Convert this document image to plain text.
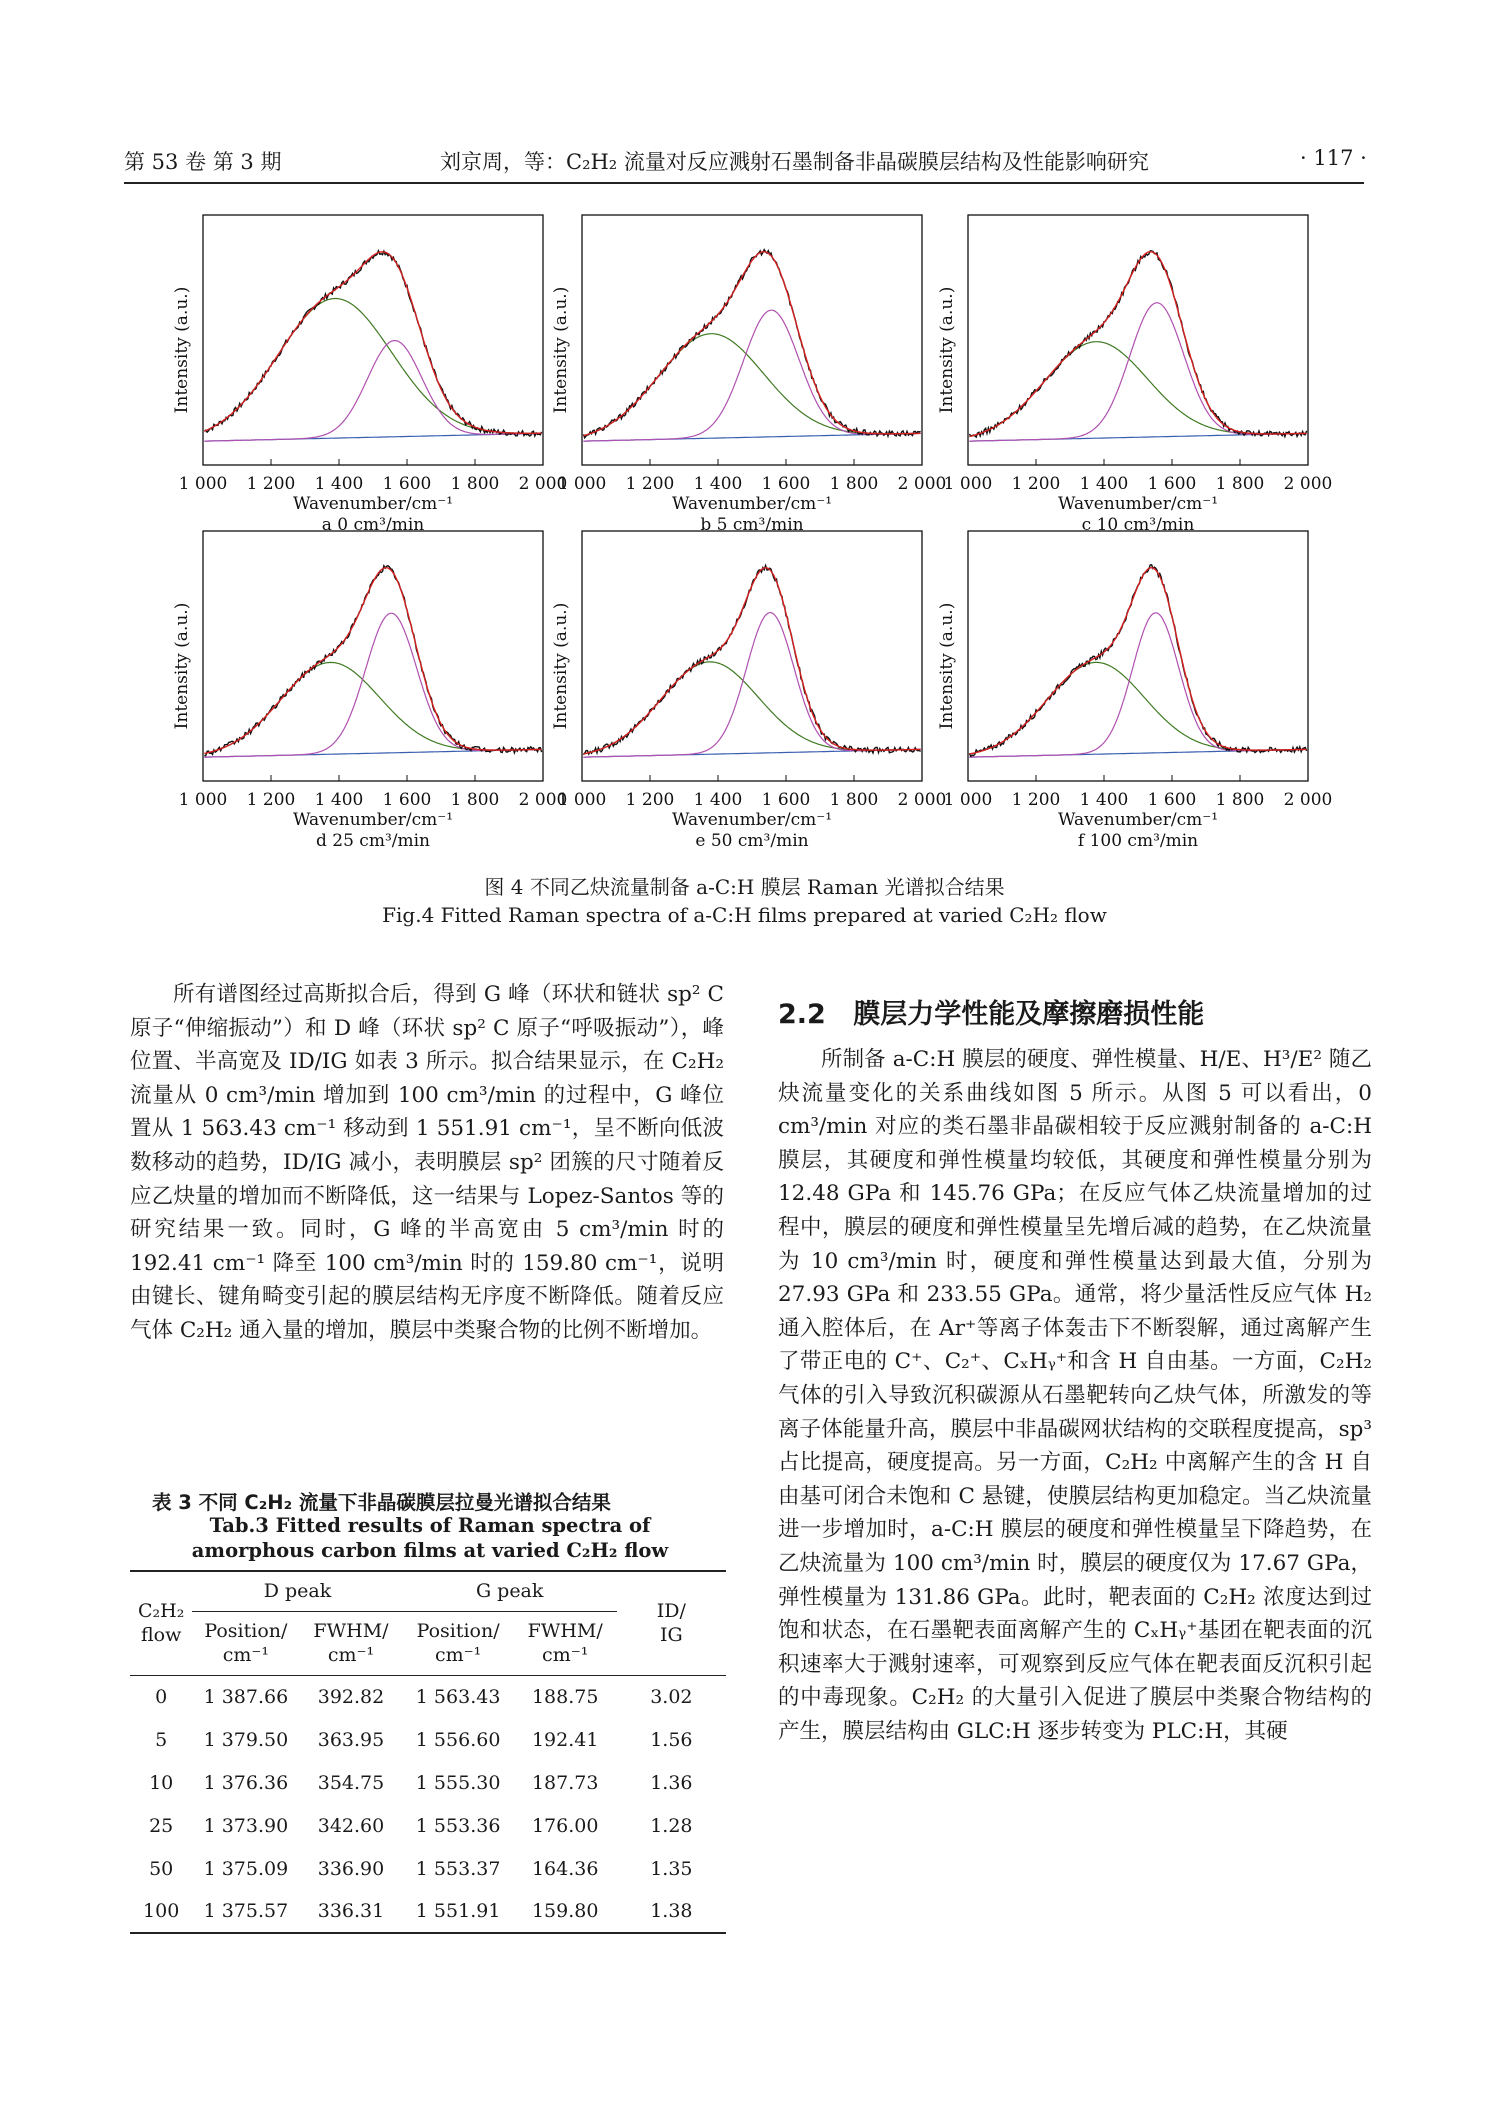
第 53 卷 第 3 期	刘京周，等：C₂H₂ 流量对反应溅射石墨制备非晶碳膜层结构及性能影响研究	· 117 ·
1 000 1 200 1 400 1 600 1 800 2 000
Wavenumber/cm⁻¹
a 0 cm³/min
Intensity (a.u.)
1 000 1 200 1 400 1 600 1 800 2 000
Wavenumber/cm⁻¹
b 5 cm³/min
Intensity (a.u.)
1 000 1 200 1 400 1 600 1 800 2 000
Wavenumber/cm⁻¹
c 10 cm³/min
Intensity (a.u.)
1 000 1 200 1 400 1 600 1 800 2 000
Wavenumber/cm⁻¹
d 25 cm³/min
Intensity (a.u.)
1 000 1 200 1 400 1 600 1 800 2 000
Wavenumber/cm⁻¹
e 50 cm³/min
Intensity (a.u.)
1 000 1 200 1 400 1 600 1 800 2 000
Wavenumber/cm⁻¹
f 100 cm³/min
Intensity (a.u.)
图 4 不同乙炔流量制备 a-C:H 膜层 Raman 光谱拟合结果
Fig.4 Fitted Raman spectra of a-C:H films prepared at varied C₂H₂ flow

所有谱图经过高斯拟合后，得到 G 峰（环状和链状 sp² C 原子“伸缩振动”）和 D 峰（环状 sp² C 原子“呼吸振动”），峰位置、半高宽及 ID/IG 如表 3 所示。拟合结果显示，在 C₂H₂ 流量从 0 cm³/min 增加到 100 cm³/min 的过程中，G 峰位置从 1 563.43 cm⁻¹ 移动到 1 551.91 cm⁻¹，呈不断向低波数移动的趋势，ID/IG 减小，表明膜层 sp² 团簇的尺寸随着反应乙炔量的增加而不断降低，这一结果与 Lopez-Santos 等的研究结果一致。同时，G 峰的半高宽由 5 cm³/min 时的 192.41 cm⁻¹ 降至 100 cm³/min 时的 159.80 cm⁻¹，说明由键长、键角畸变引起的膜层结构无序度不断降低。随着反应气体 C₂H₂ 通入量的增加，膜层中类聚合物的比例不断增加。

表 3 不同 C₂H₂ 流量下非晶碳膜层拉曼光谱拟合结果
Tab.3 Fitted results of Raman spectra of amorphous carbon films at varied C₂H₂ flow
C₂H₂ flow	D peak		G peak		ID/ IG
	Position/ cm⁻¹	FWHM/ cm⁻¹	Position/ cm⁻¹	FWHM/ cm⁻¹	
0	1 387.66	392.82	1 563.43	188.75	3.02
5	1 379.50	363.95	1 556.60	192.41	1.56
10	1 376.36	354.75	1 555.30	187.73	1.36
25	1 373.90	342.60	1 553.36	176.00	1.28
50	1 375.09	336.90	1 553.37	164.36	1.35
100	1 375.57	336.31	1 551.91	159.80	1.38
2.2 膜层力学性能及摩擦磨损性能

所制备 a-C:H 膜层的硬度、弹性模量、H/E、H³/E² 随乙炔流量变化的关系曲线如图 5 所示。从图 5 可以看出，0 cm³/min 对应的类石墨非晶碳相较于反应溅射制备的 a-C:H 膜层，其硬度和弹性模量均较低，其硬度和弹性模量分别为 12.48 GPa 和 145.76 GPa；在反应气体乙炔流量增加的过程中，膜层的硬度和弹性模量呈先增后减的趋势，在乙炔流量为 10 cm³/min 时，硬度和弹性模量达到最大值，分别为 27.93 GPa 和 233.55 GPa。通常，将少量活性反应气体 H₂ 通入腔体后，在 Ar⁺等离子体轰击下不断裂解，通过离解产生了带正电的 C⁺、C₂⁺、CₓHᵧ⁺和含 H 自由基。一方面，C₂H₂ 气体的引入导致沉积碳源从石墨靶转向乙炔气体，所激发的等离子体能量升高，膜层中非晶碳网状结构的交联程度提高，sp³ 占比提高，硬度提高。另一方面，C₂H₂ 中离解产生的含 H 自由基可闭合未饱和 C 悬键，使膜层结构更加稳定。当乙炔流量进一步增加时，a-C:H 膜层的硬度和弹性模量呈下降趋势，在乙炔流量为 100 cm³/min 时，膜层的硬度仅为 17.67 GPa，弹性模量为 131.86 GPa。此时，靶表面的 C₂H₂ 浓度达到过饱和状态，在石墨靶表面离解产生的 CₓHᵧ⁺基团在靶表面的沉积速率大于溅射速率，可观察到反应气体在靶表面反沉积引起的中毒现象。C₂H₂ 的大量引入促进了膜层中类聚合物结构的产生，膜层结构由 GLC:H 逐步转变为 PLC:H，其硬
